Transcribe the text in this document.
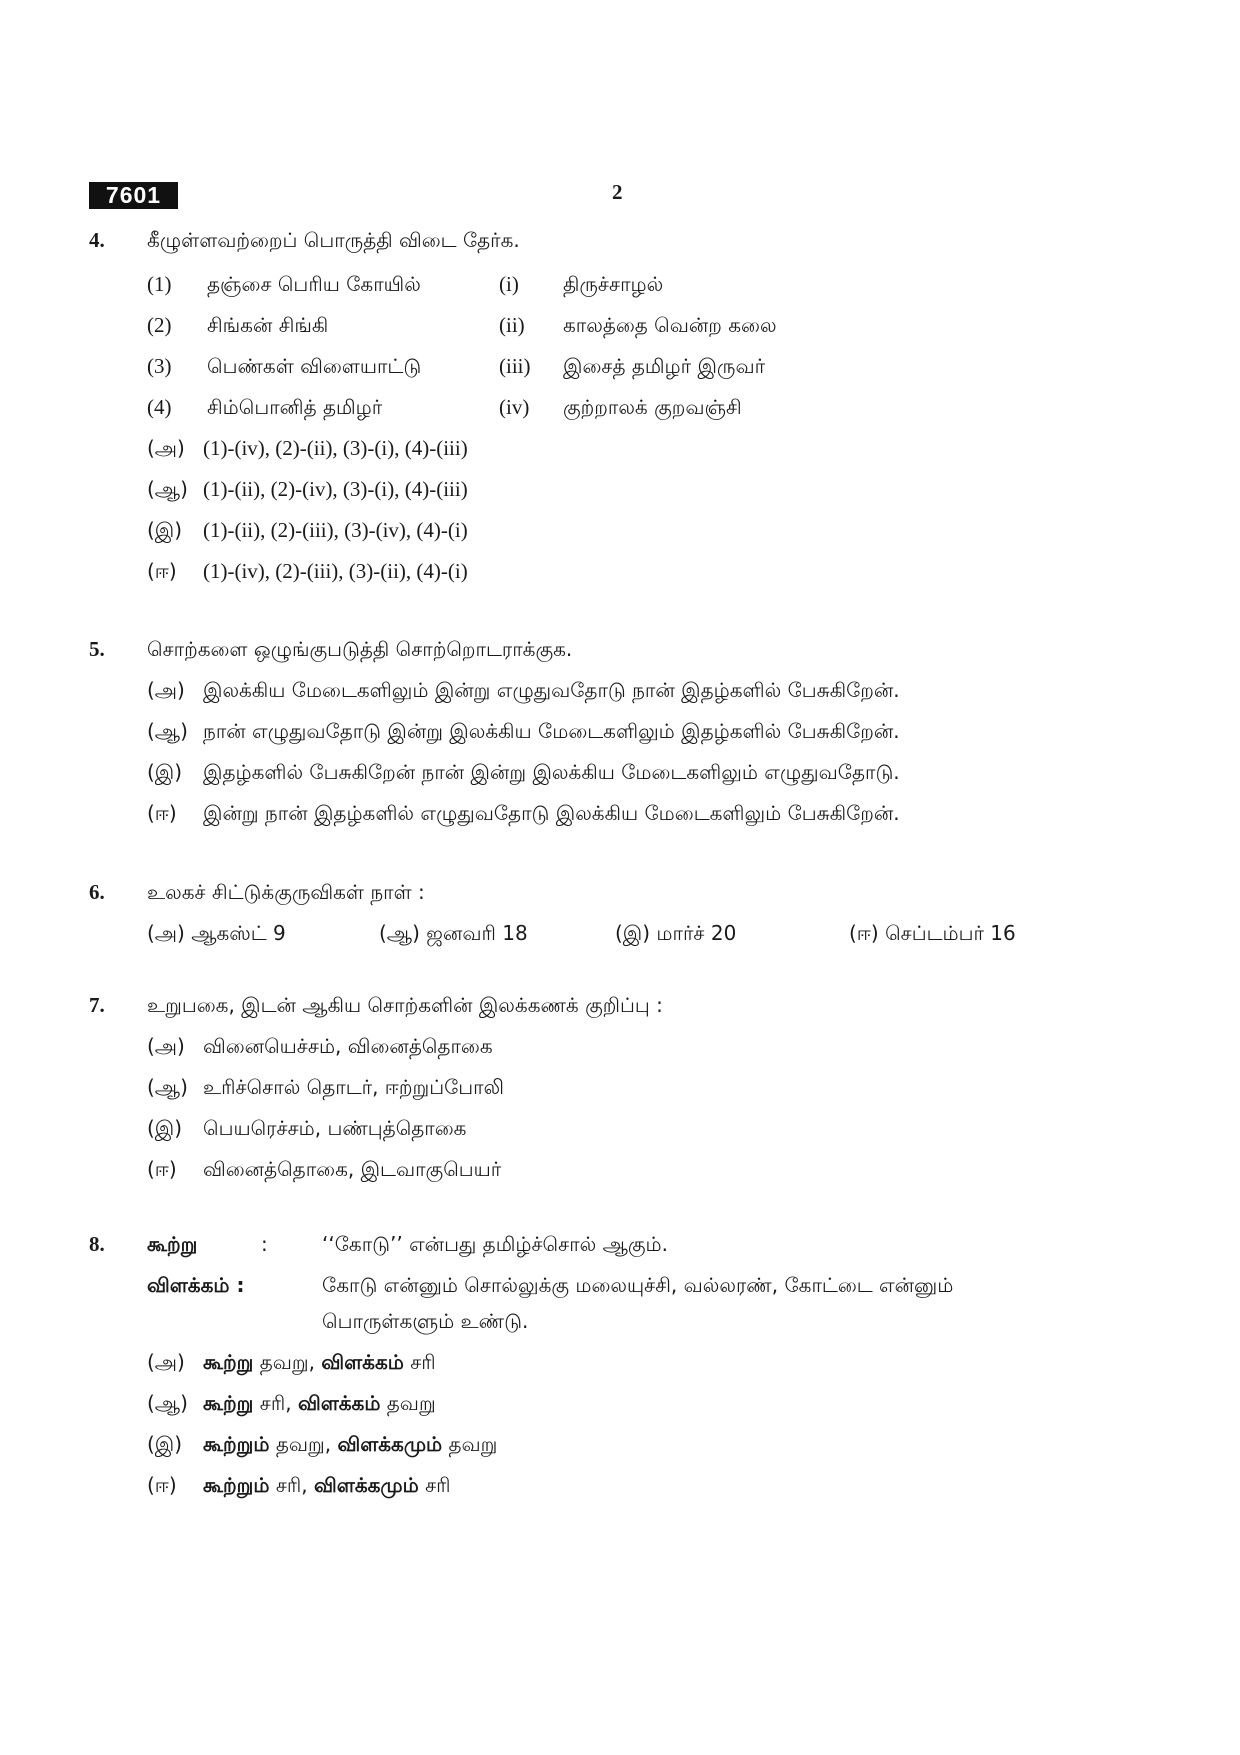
7601	2
4. கீழுள்ளவற்றைப் பொருத்தி விடை தேர்க.
(1) தஞ்சை பெரிய கோயில்	(i) திருச்சாழல்
(2) சிங்கன் சிங்கி	(ii) காலத்தை வென்ற கலை
(3) பெண்கள் விளையாட்டு	(iii) இசைத் தமிழர் இருவர்
(4) சிம்பொனித் தமிழர்	(iv) குற்றாலக் குறவஞ்சி
(அ) (1)-(iv), (2)-(ii), (3)-(i), (4)-(iii)
(ஆ) (1)-(ii), (2)-(iv), (3)-(i), (4)-(iii)
(இ) (1)-(ii), (2)-(iii), (3)-(iv), (4)-(i)
(ஈ) (1)-(iv), (2)-(iii), (3)-(ii), (4)-(i)
5. சொற்களை ஒழுங்குபடுத்தி சொற்றொடராக்குக.
(அ) இலக்கிய மேடைகளிலும் இன்று எழுதுவதோடு நான் இதழ்களில் பேசுகிறேன்.
(ஆ) நான் எழுதுவதோடு இன்று இலக்கிய மேடைகளிலும் இதழ்களில் பேசுகிறேன்.
(இ) இதழ்களில் பேசுகிறேன் நான் இன்று இலக்கிய மேடைகளிலும் எழுதுவதோடு.
(ஈ) இன்று நான் இதழ்களில் எழுதுவதோடு இலக்கிய மேடைகளிலும் பேசுகிறேன்.
6. உலகச் சிட்டுக்குருவிகள் நாள் :
(அ) ஆகஸ்ட் 9	(ஆ) ஜனவரி 18	(இ) மார்ச் 20	(ஈ) செப்டம்பர் 16
7. உறுபகை, இடன் ஆகிய சொற்களின் இலக்கணக் குறிப்பு :
(அ) வினையெச்சம், வினைத்தொகை
(ஆ) உரிச்சொல் தொடர், ஈற்றுப்போலி
(இ) பெயரெச்சம், பண்புத்தொகை
(ஈ) வினைத்தொகை, இடவாகுபெயர்
8. கூற்று	:	‘‘கோடு’’ என்பது தமிழ்ச்சொல் ஆகும்.
விளக்கம் :	கோடு என்னும் சொல்லுக்கு மலையுச்சி, வல்லரண், கோட்டை என்னும்
பொருள்களும் உண்டு.
(அ) கூற்று தவறு, விளக்கம் சரி
(ஆ) கூற்று சரி, விளக்கம் தவறு
(இ) கூற்றும் தவறு, விளக்கமும் தவறு
(ஈ) கூற்றும் சரி, விளக்கமும் சரி
